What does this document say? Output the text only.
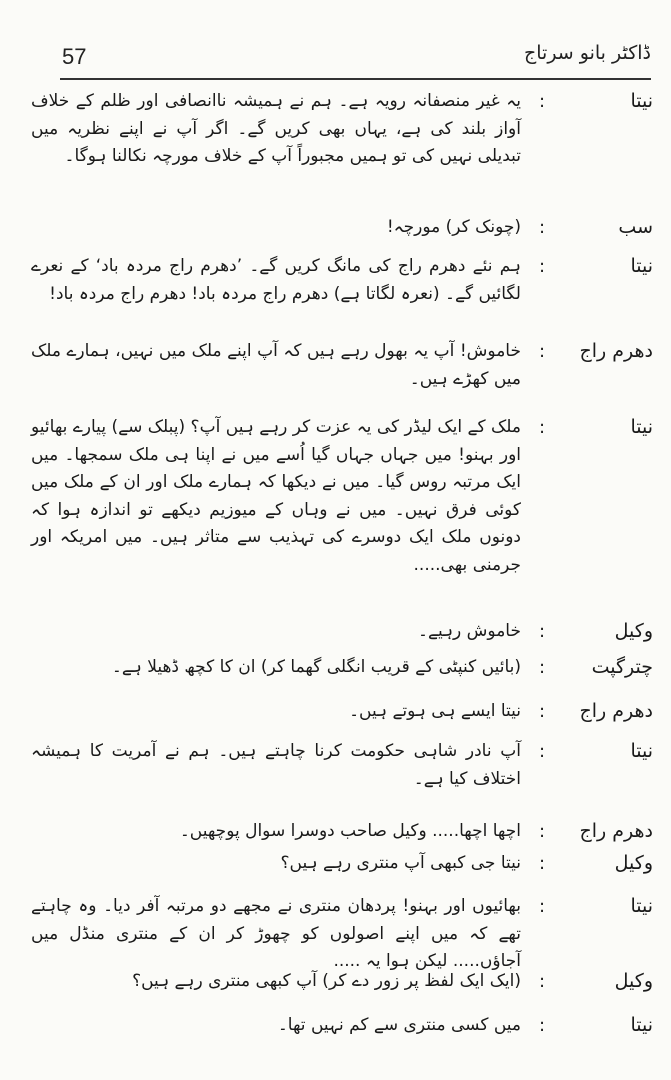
57	ڈاکٹر بانو سرتاج
نیتا
:
یہ غیر منصفانہ رویہ ہے۔ ہم نے ہمیشہ ناانصافی اور ظلم کے خلاف آواز بلند کی ہے، یہاں بھی کریں گے۔ اگر آپ نے اپنے نظریہ میں تبدیلی نہیں کی تو ہمیں مجبوراً آپ کے خلاف مورچہ نکالنا ہوگا۔
سب
:
(چونک کر) مورچہ!
نیتا
:
ہم نئے دھرم راج کی مانگ کریں گے۔ ’دھرم راج مردہ باد‘ کے نعرے لگائیں گے۔ (نعرہ لگاتا ہے) دھرم راج مردہ باد! دھرم راج مردہ باد!
دھرم راج
:
خاموش! آپ یہ بھول رہے ہیں کہ آپ اپنے ملک میں نہیں، ہمارے ملک میں کھڑے ہیں۔
نیتا
:
ملک کے ایک لیڈر کی یہ عزت کر رہے ہیں آپ؟ (پبلک سے) پیارے بھائیو اور بہنو! میں جہاں جہاں گیا اُسے میں نے اپنا ہی ملک سمجھا۔ میں ایک مرتبہ روس گیا۔ میں نے دیکھا کہ ہمارے ملک اور ان کے ملک میں کوئی فرق نہیں۔ میں نے وہاں کے میوزیم دیکھے تو اندازہ ہوا کہ دونوں ملک ایک دوسرے کی تہذیب سے متاثر ہیں۔ میں امریکہ اور جرمنی بھی.....
وکیل
:
خاموش رہیے۔
چترگپت
:
(بائیں کنپٹی کے قریب انگلی گھما کر) ان کا کچھ ڈھیلا ہے۔
دھرم راج
:
نیتا ایسے ہی ہوتے ہیں۔
نیتا
:
آپ نادر شاہی حکومت کرنا چاہتے ہیں۔ ہم نے آمریت کا ہمیشہ اختلاف کیا ہے۔
دھرم راج
:
اچھا اچھا..... وکیل صاحب دوسرا سوال پوچھیں۔
وکیل
:
نیتا جی کبھی آپ منتری رہے ہیں؟
نیتا
:
بھائیوں اور بہنو! پردھان منتری نے مجھے دو مرتبہ آفر دیا۔ وہ چاہتے تھے کہ میں اپنے اصولوں کو چھوڑ کر ان کے منتری منڈل میں آجاؤں..... لیکن ہوا یہ .....
وکیل
:
(ایک ایک لفظ پر زور دے کر) آپ کبھی منتری رہے ہیں؟
نیتا
:
میں کسی منتری سے کم نہیں تھا۔
